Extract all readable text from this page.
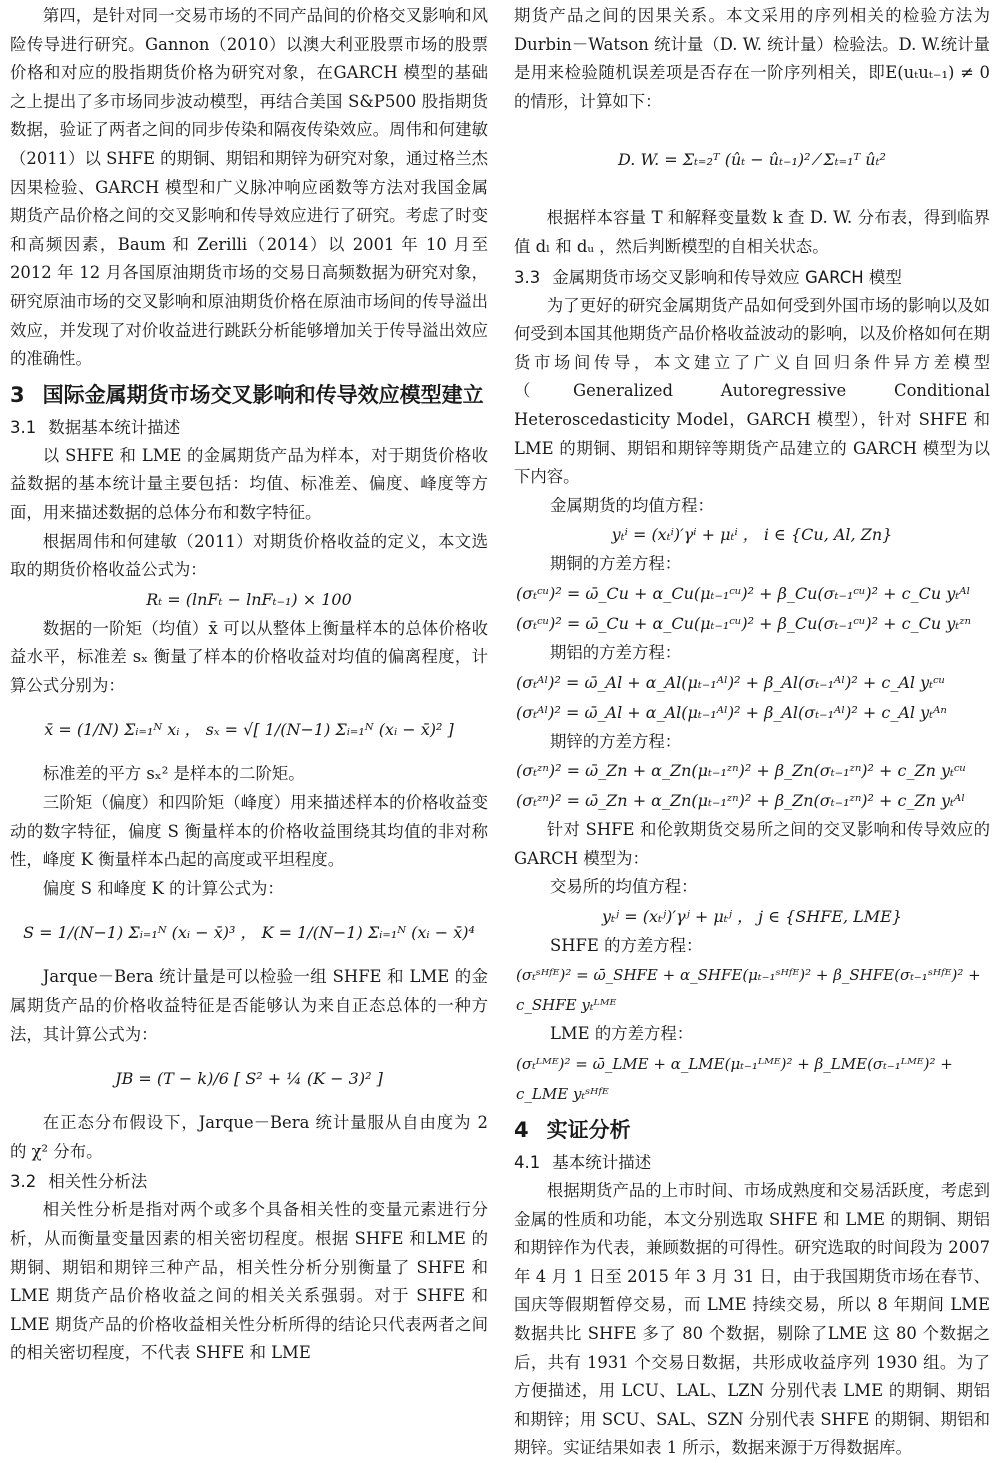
第四，是针对同一交易市场的不同产品间的价格交叉影响和风险传导进行研究。Gannon（2010）以澳大利亚股票市场的股票价格和对应的股指期货价格为研究对象，在GARCH 模型的基础之上提出了多市场同步波动模型，再结合美国 S&P500 股指期货数据，验证了两者之间的同步传染和隔夜传染效应。周伟和何建敏（2011）以 SHFE 的期铜、期铝和期锌为研究对象，通过格兰杰因果检验、GARCH 模型和广义脉冲响应函数等方法对我国金属期货产品价格之间的交叉影响和传导效应进行了研究。考虑了时变和高频因素，Baum 和 Zerilli（2014）以 2001 年 10 月至 2012 年 12 月各国原油期货市场的交易日高频数据为研究对象，研究原油市场的交叉影响和原油期货价格在原油市场间的传导溢出效应，并发现了对价收益进行跳跃分析能够增加关于传导溢出效应的准确性。

3 国际金属期货市场交叉影响和传导效应模型建立
3.1 数据基本统计描述

以 SHFE 和 LME 的金属期货产品为样本，对于期货价格收益数据的基本统计量主要包括：均值、标准差、偏度、峰度等方面，用来描述数据的总体分布和数字特征。

根据周伟和何建敏（2011）对期货价格收益的定义，本文选取的期货价格收益公式为：

Rₜ = (lnFₜ − lnFₜ₋₁) × 100

数据的一阶矩（均值）x̄ 可以从整体上衡量样本的总体价格收益水平，标准差 sₓ 衡量了样本的价格收益对均值的偏离程度，计算公式分别为：

x̄ = (1/N) Σᵢ₌₁ᴺ xᵢ ， sₓ = √[ 1/(N−1) Σᵢ₌₁ᴺ (xᵢ − x̄)² ]

标准差的平方 sₓ² 是样本的二阶矩。

三阶矩（偏度）和四阶矩（峰度）用来描述样本的价格收益变动的数字特征，偏度 S 衡量样本的价格收益围绕其均值的非对称性，峰度 K 衡量样本凸起的高度或平坦程度。

偏度 S 和峰度 K 的计算公式为：

S = 1/(N−1) Σᵢ₌₁ᴺ (xᵢ − x̄)³ ， K = 1/(N−1) Σᵢ₌₁ᴺ (xᵢ − x̄)⁴

Jarque－Bera 统计量是可以检验一组 SHFE 和 LME 的金属期货产品的价格收益特征是否能够认为来自正态总体的一种方法，其计算公式为：

JB = (T − k)/6 [ S² + ¼ (K − 3)² ]

在正态分布假设下，Jarque－Bera 统计量服从自由度为 2 的 χ² 分布。

3.2 相关性分析法

相关性分析是指对两个或多个具备相关性的变量元素进行分析，从而衡量变量因素的相关密切程度。根据 SHFE 和LME 的期铜、期铝和期锌三种产品，相关性分析分别衡量了 SHFE 和 LME 期货产品价格收益之间的相关关系强弱。对于 SHFE 和 LME 期货产品的价格收益相关性分析所得的结论只代表两者之间的相关密切程度，不代表 SHFE 和 LME

期货产品之间的因果关系。本文采用的序列相关的检验方法为 Durbin－Watson 统计量（D. W. 统计量）检验法。D. W.统计量是用来检验随机误差项是否存在一阶序列相关，即E(uₜuₜ₋₁) ≠ 0 的情形，计算如下：

D. W. = Σₜ₌₂ᵀ (ûₜ − ûₜ₋₁)² ⁄ Σₜ₌₁ᵀ ûₜ²

根据样本容量 T 和解释变量数 k 查 D. W. 分布表，得到临界值 dₗ 和 dᵤ ，然后判断模型的自相关状态。

3.3 金属期货市场交叉影响和传导效应 GARCH 模型

为了更好的研究金属期货产品如何受到外国市场的影响以及如何受到本国其他期货产品价格收益波动的影响，以及价格如何在期货市场间传导，本文建立了广义自回归条件异方差模型（Generalized Autoregressive Conditional Heteroscedasticity Model，GARCH 模型），针对 SHFE 和 LME 的期铜、期铝和期锌等期货产品建立的 GARCH 模型为以下内容。

金属期货的均值方程：
yₜⁱ = (xₜⁱ)′γⁱ + μₜⁱ ， i ∈ {Cu, Al, Zn}
期铜的方差方程：
(σₜᶜᵘ)² = ω̄_Cu + α_Cu(μₜ₋₁ᶜᵘ)² + β_Cu(σₜ₋₁ᶜᵘ)² + c_Cu yₜᴬˡ
(σₜᶜᵘ)² = ω̄_Cu + α_Cu(μₜ₋₁ᶜᵘ)² + β_Cu(σₜ₋₁ᶜᵘ)² + c_Cu yₜᶻⁿ
期铝的方差方程：
(σₜᴬˡ)² = ω̄_Al + α_Al(μₜ₋₁ᴬˡ)² + β_Al(σₜ₋₁ᴬˡ)² + c_Al yₜᶜᵘ
(σₜᴬˡ)² = ω̄_Al + α_Al(μₜ₋₁ᴬˡ)² + β_Al(σₜ₋₁ᴬˡ)² + c_Al yₜᴬⁿ
期锌的方差方程：
(σₜᶻⁿ)² = ω̄_Zn + α_Zn(μₜ₋₁ᶻⁿ)² + β_Zn(σₜ₋₁ᶻⁿ)² + c_Zn yₜᶜᵘ
(σₜᶻⁿ)² = ω̄_Zn + α_Zn(μₜ₋₁ᶻⁿ)² + β_Zn(σₜ₋₁ᶻⁿ)² + c_Zn yₜᴬˡ

针对 SHFE 和伦敦期货交易所之间的交叉影响和传导效应的 GARCH 模型为：

交易所的均值方程：
yₜʲ = (xₜʲ)′γʲ + μₜʲ ， j ∈ {SHFE, LME}
SHFE 的方差方程：
(σₜˢᴴᶠᴱ)² = ω̄_SHFE + α_SHFE(μₜ₋₁ˢᴴᶠᴱ)² + β_SHFE(σₜ₋₁ˢᴴᶠᴱ)² + c_SHFE yₜᴸᴹᴱ
LME 的方差方程：
(σₜᴸᴹᴱ)² = ω̄_LME + α_LME(μₜ₋₁ᴸᴹᴱ)² + β_LME(σₜ₋₁ᴸᴹᴱ)² + c_LME yₜˢᴴᶠᴱ
4 实证分析
4.1 基本统计描述

根据期货产品的上市时间、市场成熟度和交易活跃度，考虑到金属的性质和功能，本文分别选取 SHFE 和 LME 的期铜、期铝和期锌作为代表，兼顾数据的可得性。研究选取的时间段为 2007 年 4 月 1 日至 2015 年 3 月 31 日，由于我国期货市场在春节、国庆等假期暂停交易，而 LME 持续交易，所以 8 年期间 LME 数据共比 SHFE 多了 80 个数据，剔除了LME 这 80 个数据之后，共有 1931 个交易日数据，共形成收益序列 1930 组。为了方便描述，用 LCU、LAL、LZN 分别代表 LME 的期铜、期铝和期锌；用 SCU、SAL、SZN 分别代表 SHFE 的期铜、期铝和期锌。实证结果如表 1 所示，数据来源于万得数据库。
